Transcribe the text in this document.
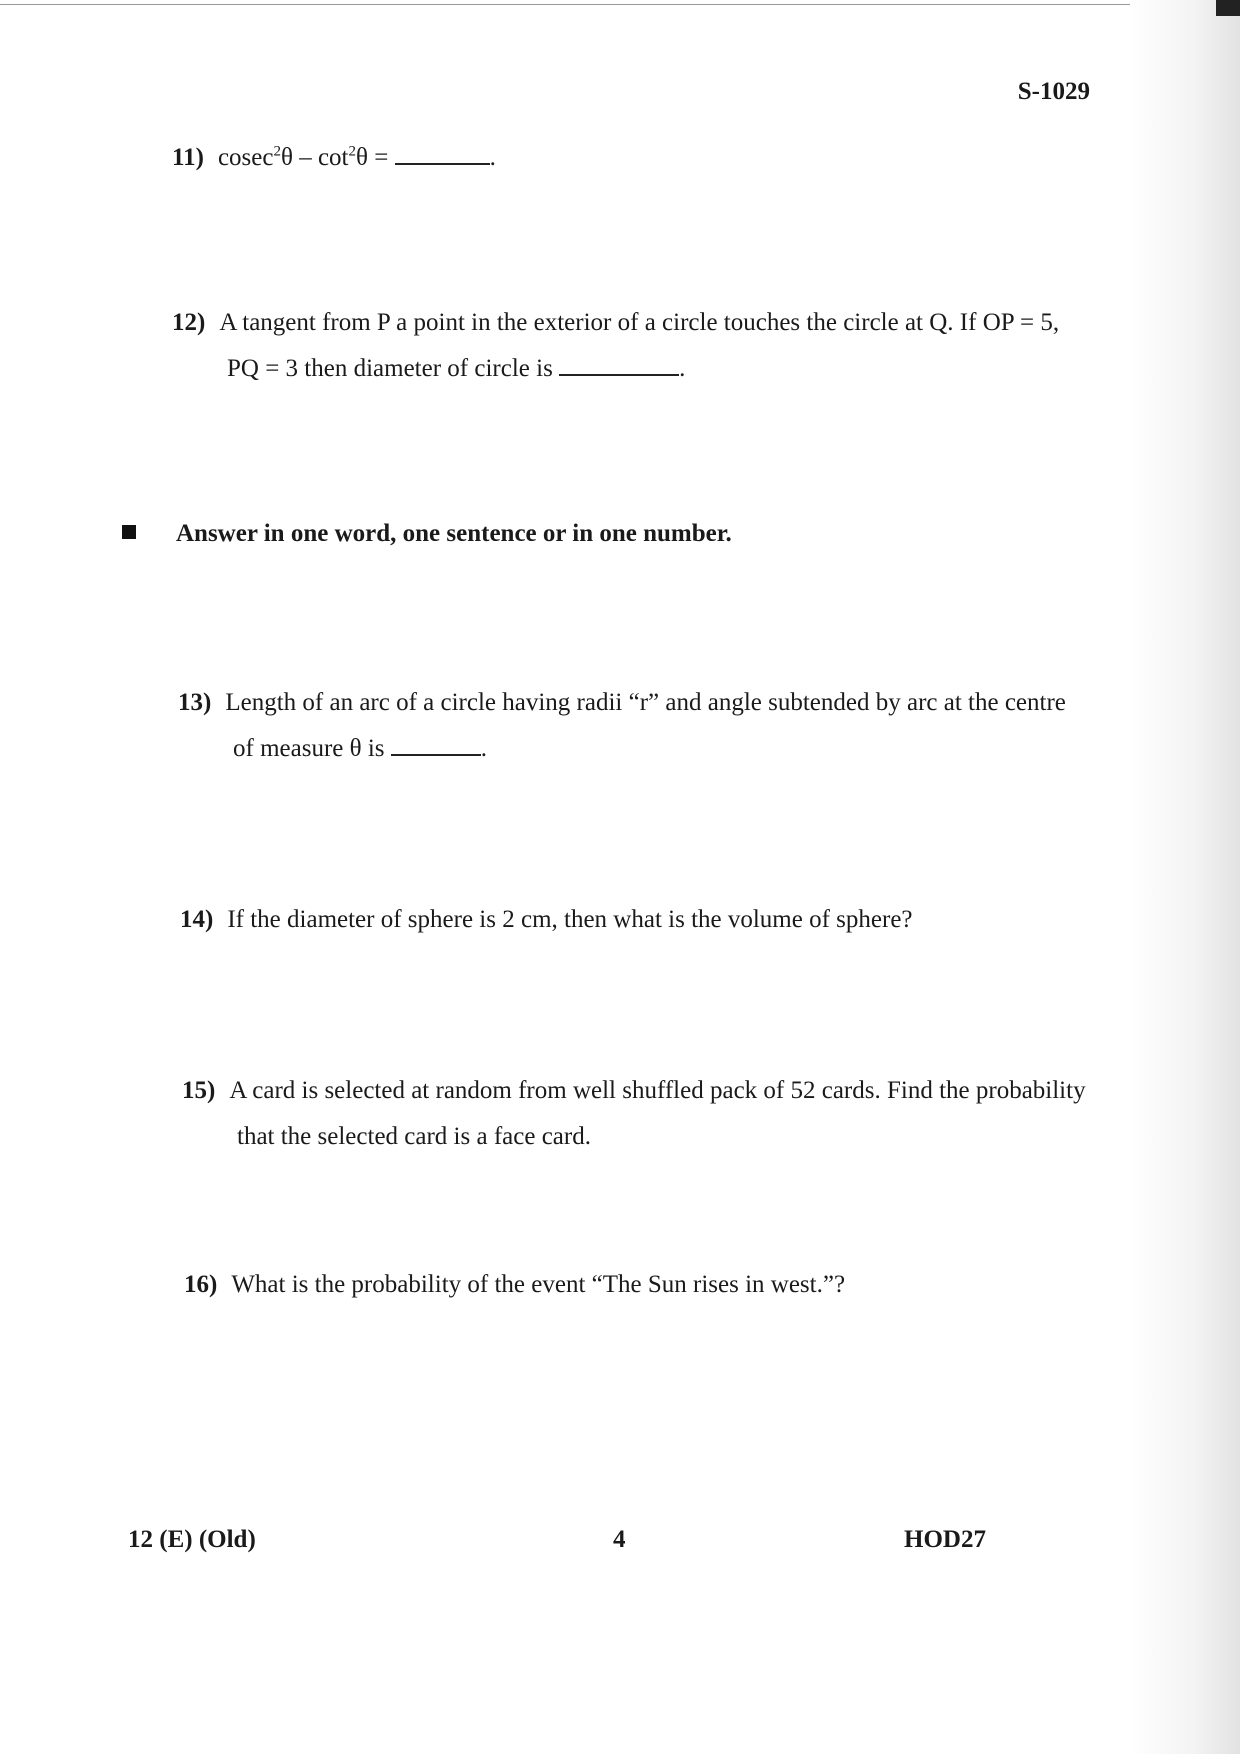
S-1029
11) $cosec^2\theta - \cot^2\theta$ =	.
12) A tangent from P a point in the exterior of a circle touches the circle at Q. If OP = 5,
PQ = 3 then diameter of circle is	.
Answer in one word, one sentence or in one number.
13) Length of an arc of a circle having radii “r” and angle subtended by arc at the centre
of measure θ is	.
14) If the diameter of sphere is 2 cm, then what is the volume of sphere?
15) A card is selected at random from well shuffled pack of 52 cards. Find the probability
that the selected card is a face card.
16) What is the probability of the event “The Sun rises in west.”?
12 (E) (Old)	4	HOD27
